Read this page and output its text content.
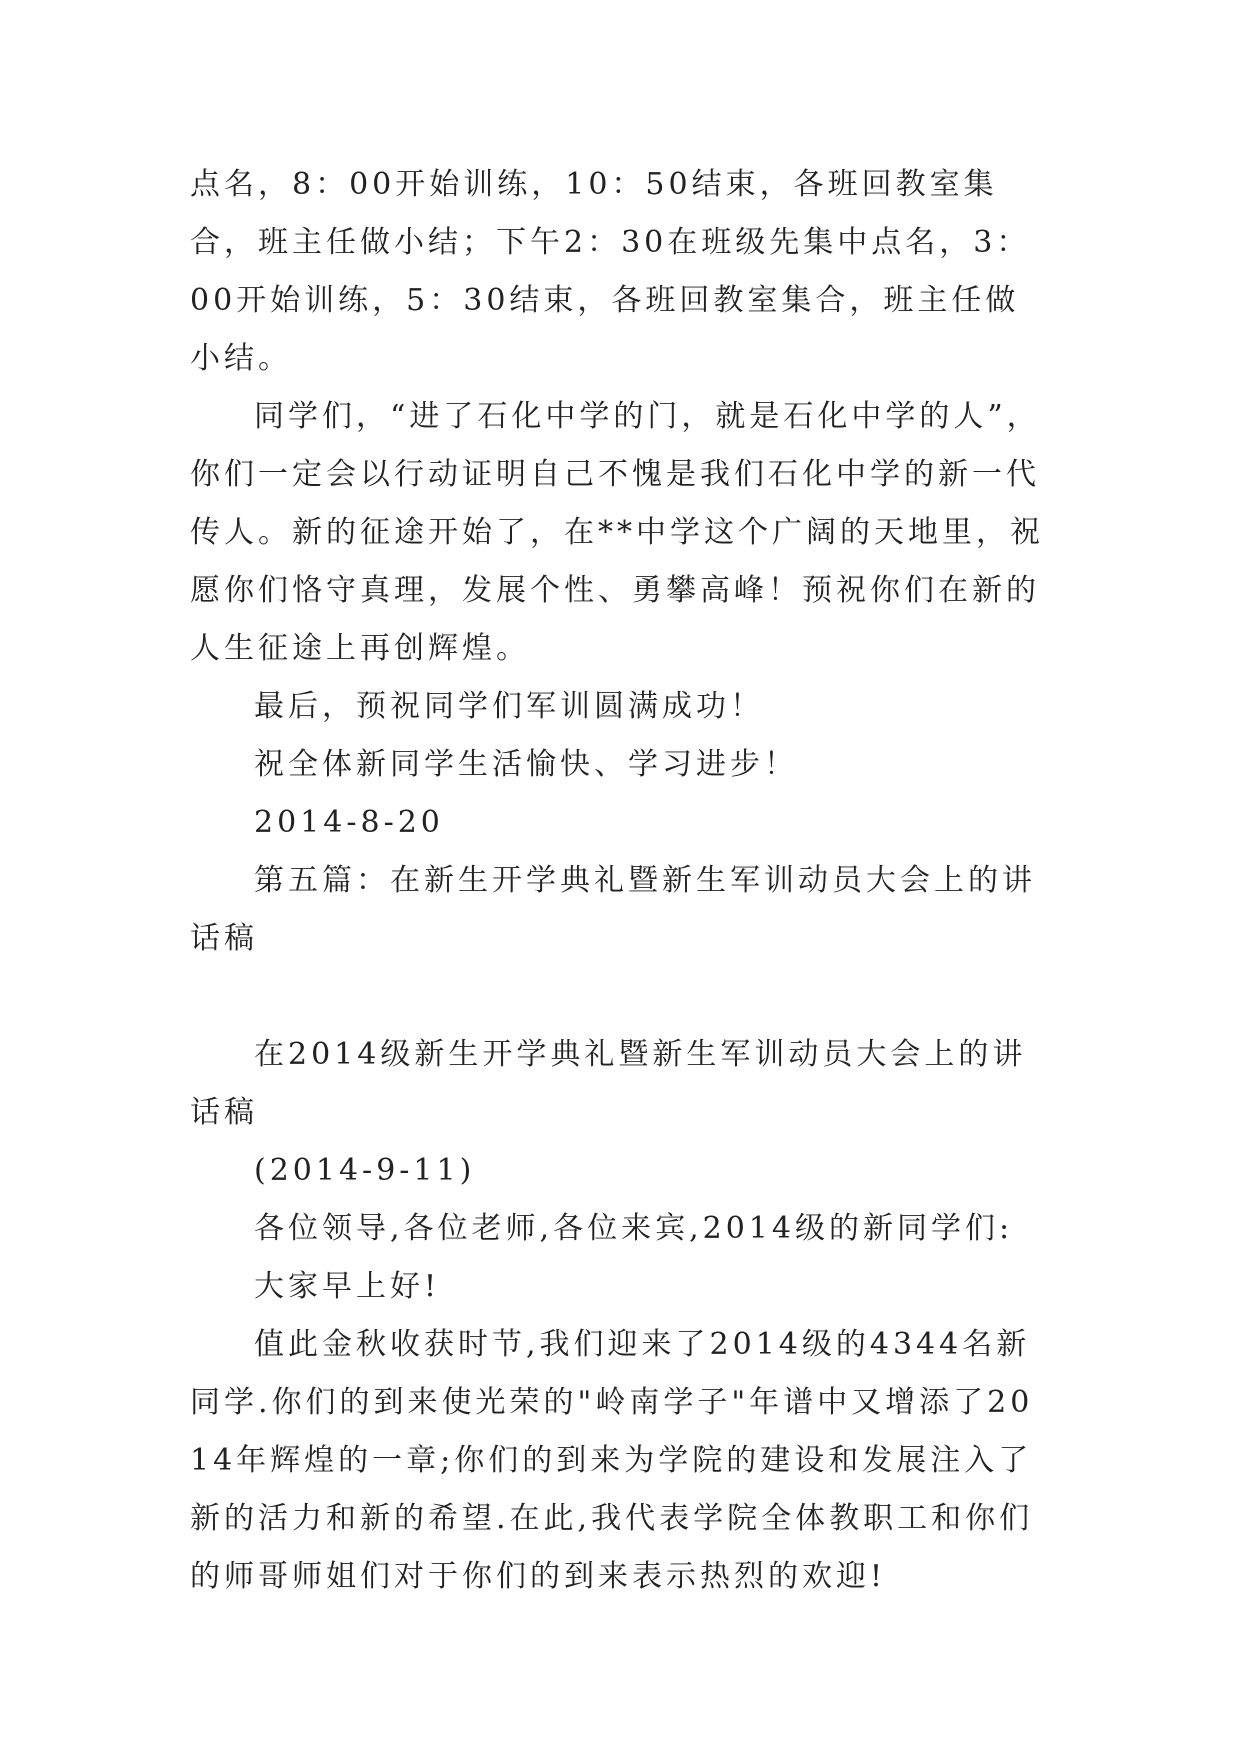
点名，8：00开始训练，10：50结束，各班回教室集合，班主任做小结；下午2：30在班级先集中点名，3：00开始训练，5：30结束，各班回教室集合，班主任做小结。

同学们，“进了石化中学的门，就是石化中学的人”，你们一定会以行动证明自己不愧是我们石化中学的新一代传人。新的征途开始了，在**中学这个广阔的天地里，祝愿你们恪守真理，发展个性、勇攀高峰！预祝你们在新的人生征途上再创辉煌。

最后，预祝同学们军训圆满成功！

祝全体新同学生活愉快、学习进步！

2014-8-20

第五篇：在新生开学典礼暨新生军训动员大会上的讲话稿

在2014级新生开学典礼暨新生军训动员大会上的讲话稿

(2014-9-11)

各位领导,各位老师,各位来宾,2014级的新同学们:

大家早上好!

值此金秋收获时节,我们迎来了2014级的4344名新同学.你们的到来使光荣的"岭南学子"年谱中又增添了2014年辉煌的一章;你们的到来为学院的建设和发展注入了新的活力和新的希望.在此,我代表学院全体教职工和你们的师哥师姐们对于你们的到来表示热烈的欢迎!
